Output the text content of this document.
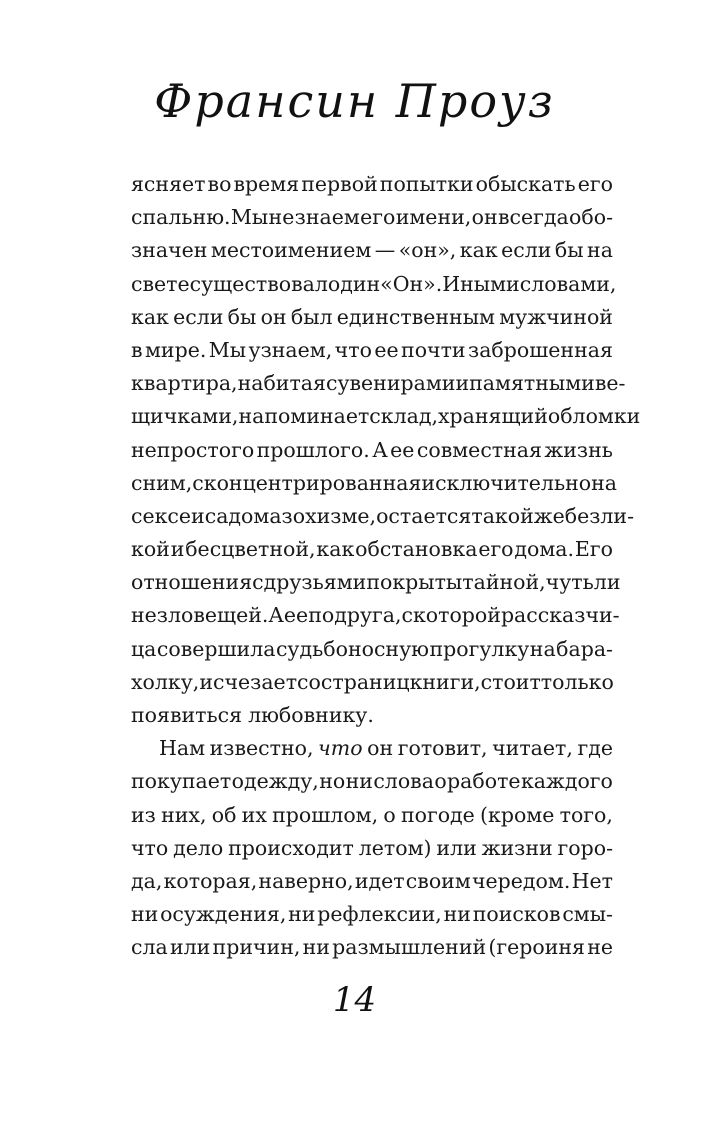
Франсин Проуз
ясняет во время первой попытки обыскать его
спальню. Мы не знаем его имени, он всегда обо-
значен местоимением — «он», как если бы на
свете существовал один «Он». Иными словами,
как если бы он был единственным мужчиной
в мире. Мы узнаем, что ее почти заброшенная
квартира, набитая сувенирами и памятными ве-
щичками, напоминает склад, хранящий обломки
непростого прошлого. А ее совместная жизнь
с ним, сконцентрированная исключительно на
сексе и садомазохизме, остается такой же безли-
кой и бесцветной, как обстановка его дома. Его
отношения с друзьями покрыты тайной, чуть ли
не зловещей. А ее подруга, с которой рассказчи-
ца совершила судьбоносную прогулку на бара-
холку, исчезает со страниц книги, стоит только
появиться любовнику.
Нам известно, что он готовит, читает, где
покупает одежду, но ни слова о работе каждого
из них, об их прошлом, о погоде (кроме того,
что дело происходит летом) или жизни горо-
да, которая, наверно, идет своим чередом. Нет
ни осуждения, ни рефлексии, ни поисков смы-
сла или причин, ни размышлений (героиня не
14
